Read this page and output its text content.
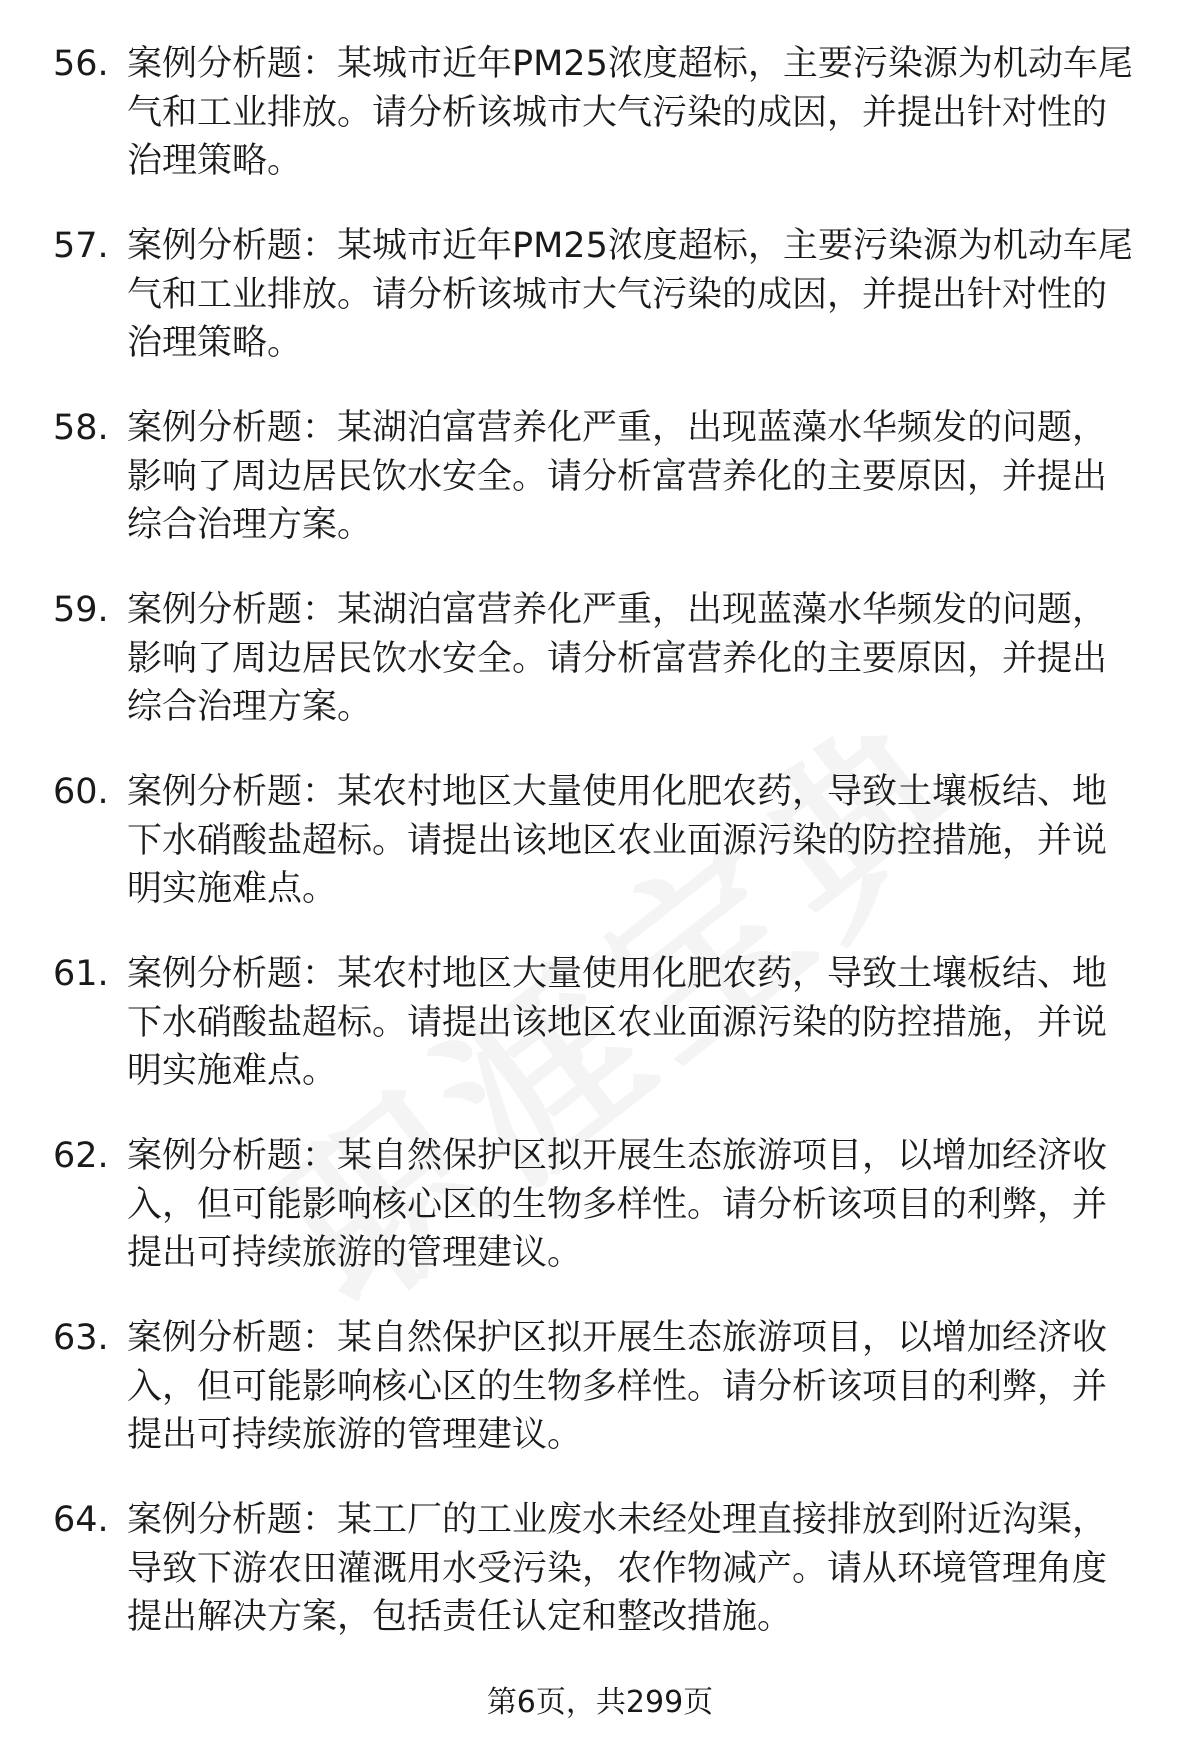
56. 案例分析题：某城市近年PM25浓度超标，主要污染源为机动车尾气和工业排放。请分析该城市大气污染的成因，并提出针对性的治理策略。
57. 案例分析题：某城市近年PM25浓度超标，主要污染源为机动车尾气和工业排放。请分析该城市大气污染的成因，并提出针对性的治理策略。
58. 案例分析题：某湖泊富营养化严重，出现蓝藻水华频发的问题，影响了周边居民饮水安全。请分析富营养化的主要原因，并提出综合治理方案。
59. 案例分析题：某湖泊富营养化严重，出现蓝藻水华频发的问题，影响了周边居民饮水安全。请分析富营养化的主要原因，并提出综合治理方案。
60. 案例分析题：某农村地区大量使用化肥农药，导致土壤板结、地下水硝酸盐超标。请提出该地区农业面源污染的防控措施，并说明实施难点。
61. 案例分析题：某农村地区大量使用化肥农药，导致土壤板结、地下水硝酸盐超标。请提出该地区农业面源污染的防控措施，并说明实施难点。
62. 案例分析题：某自然保护区拟开展生态旅游项目，以增加经济收入，但可能影响核心区的生物多样性。请分析该项目的利弊，并提出可持续旅游的管理建议。
63. 案例分析题：某自然保护区拟开展生态旅游项目，以增加经济收入，但可能影响核心区的生物多样性。请分析该项目的利弊，并提出可持续旅游的管理建议。
64. 案例分析题：某工厂的工业废水未经处理直接排放到附近沟渠，导致下游农田灌溉用水受污染，农作物减产。请从环境管理角度提出解决方案，包括责任认定和整改措施。
第6页，共299页
